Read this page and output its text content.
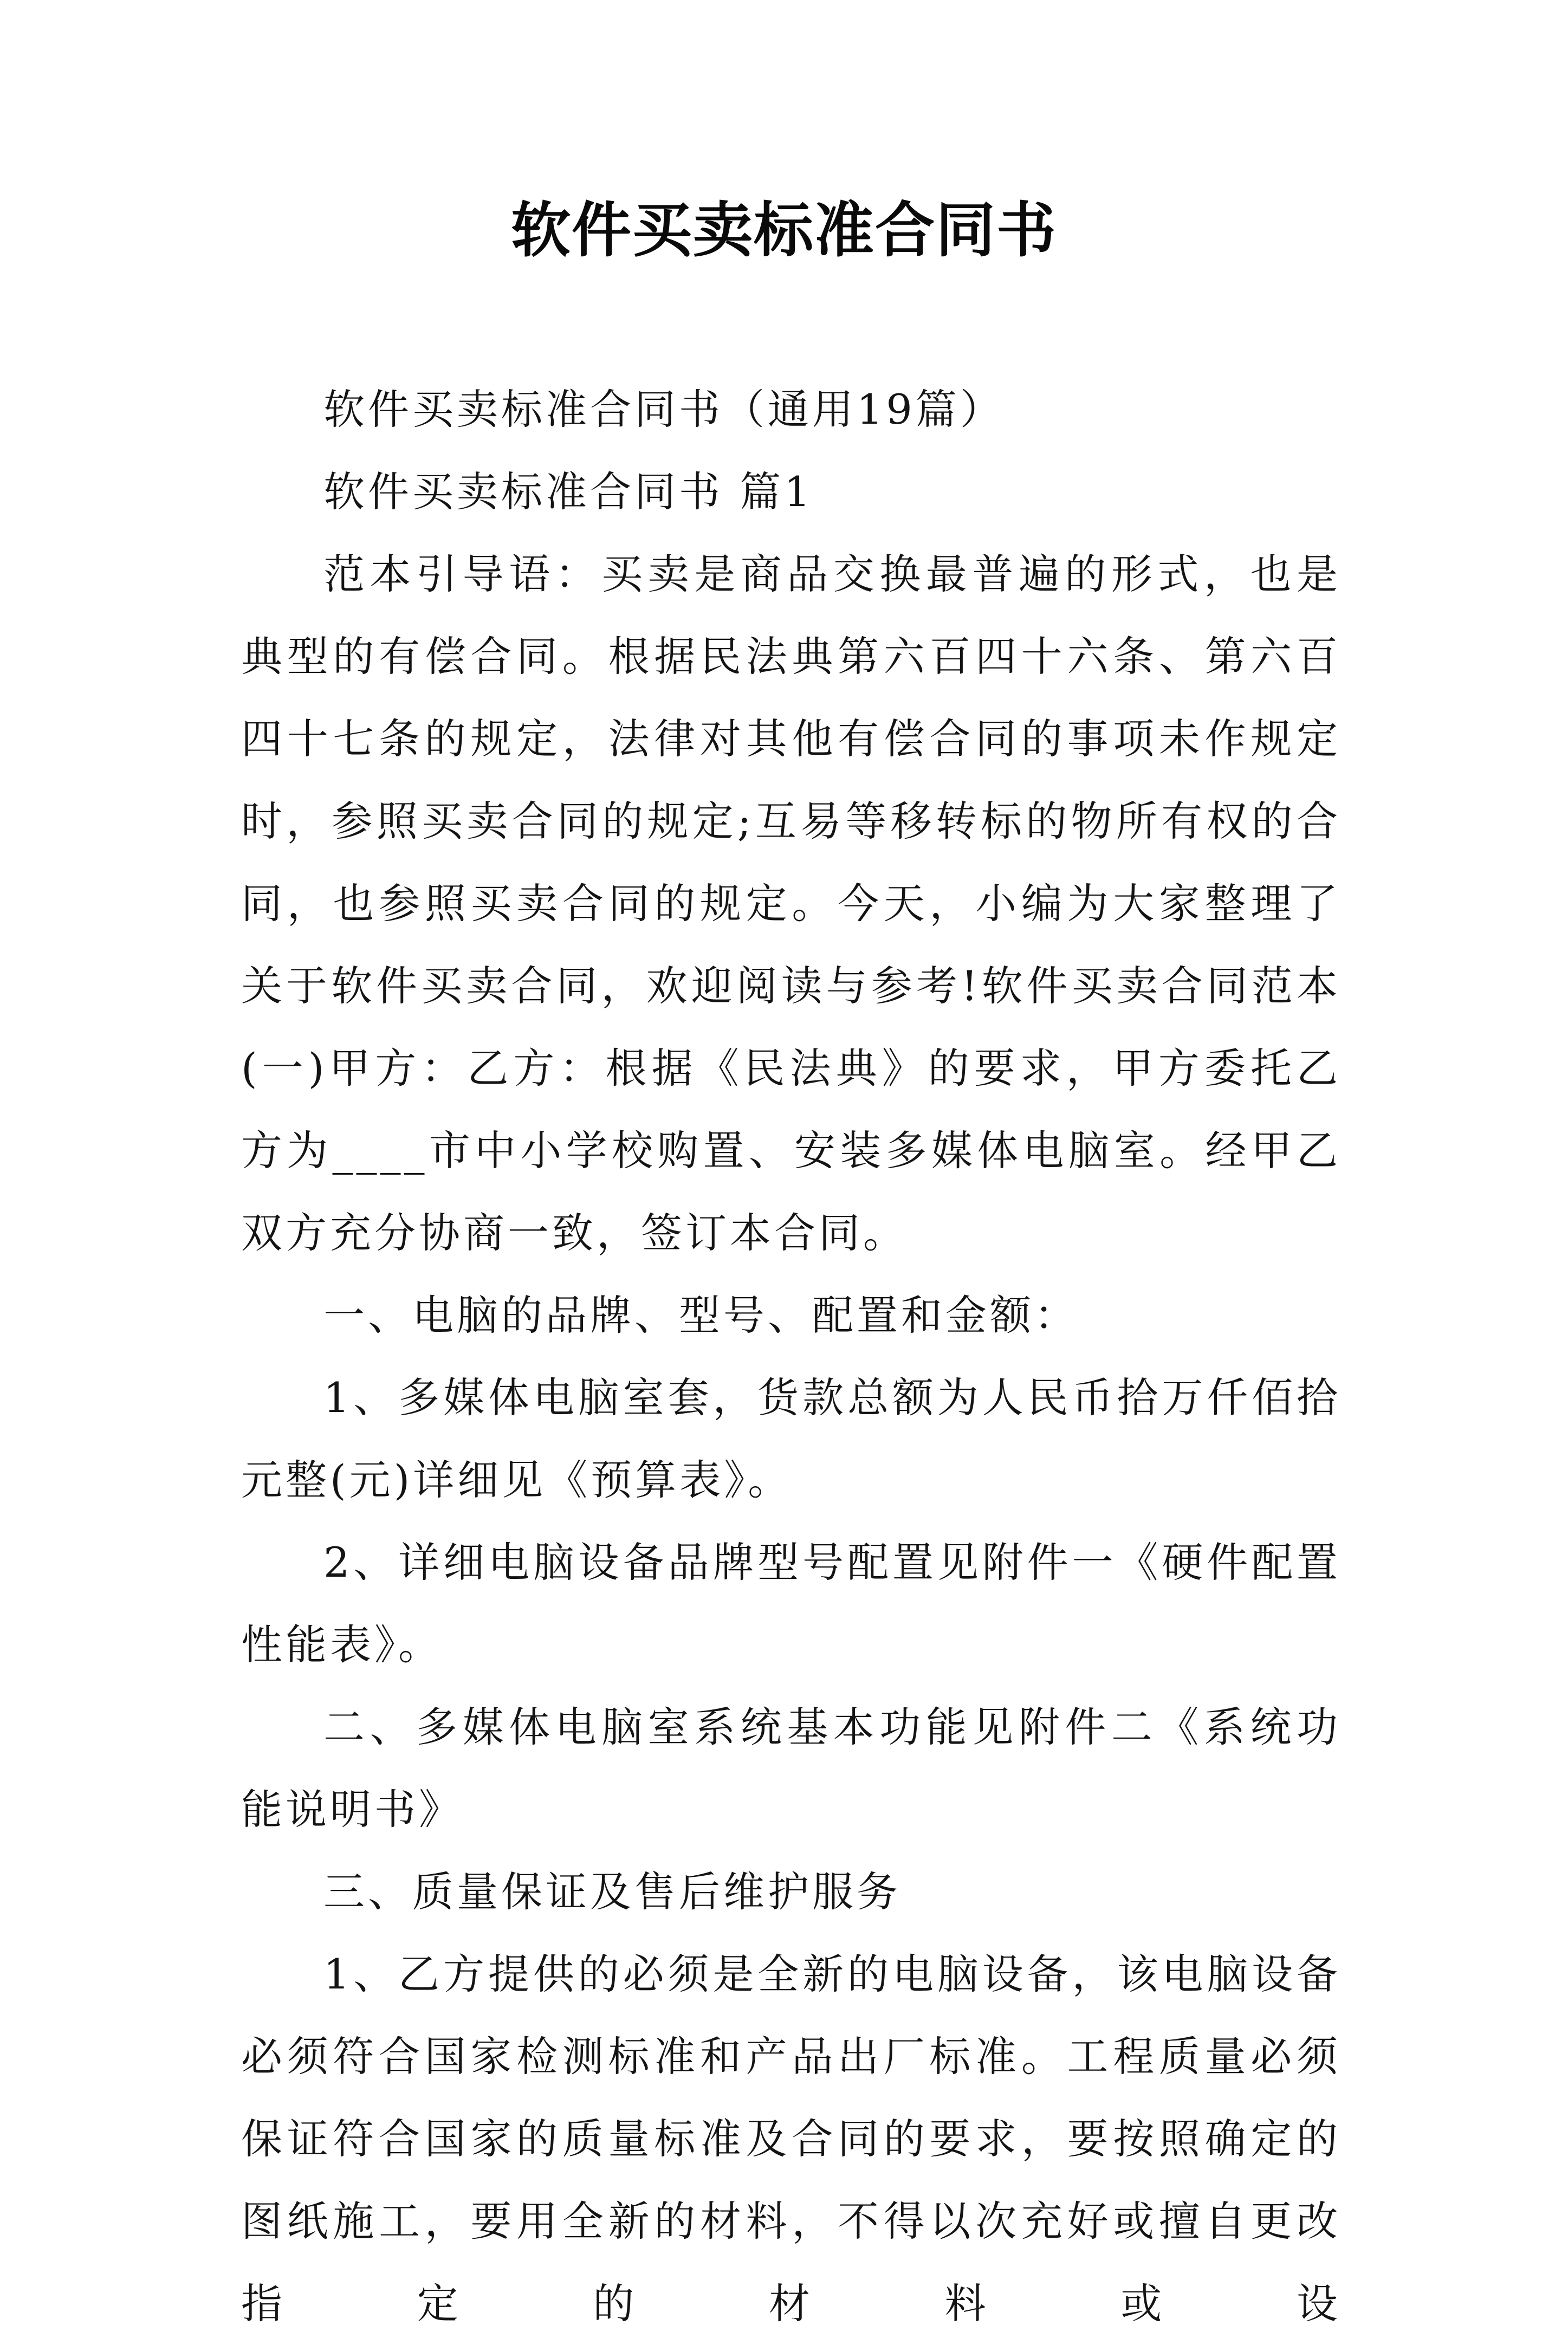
软件买卖标准合同书

软件买卖标准合同书（通用19篇）

软件买卖标准合同书 篇1

范本引导语：买卖是商品交换最普遍的形式，也是典型的有偿合同。根据民法典第六百四十六条、第六百四十七条的规定，法律对其他有偿合同的事项未作规定时，参照买卖合同的规定;互易等移转标的物所有权的合同，也参照买卖合同的规定。今天，小编为大家整理了关于软件买卖合同，欢迎阅读与参考!软件买卖合同范本(一)甲方：乙方：根据《民法典》的要求，甲方委托乙方为____市中小学校购置、安装多媒体电脑室。经甲乙双方充分协商一致，签订本合同。

一、电脑的品牌、型号、配置和金额：

1、多媒体电脑室套，货款总额为人民币拾万仟佰拾元整(元)详细见《预算表》。

2、详细电脑设备品牌型号配置见附件一《硬件配置性能表》。

二、多媒体电脑室系统基本功能见附件二《系统功能说明书》

三、质量保证及售后维护服务

1、乙方提供的必须是全新的电脑设备，该电脑设备必须符合国家检测标准和产品出厂标准。工程质量必须保证符合国家的质量标准及合同的要求，要按照确定的图纸施工，要用全新的材料，不得以次充好或擅自更改指定的材料或设
